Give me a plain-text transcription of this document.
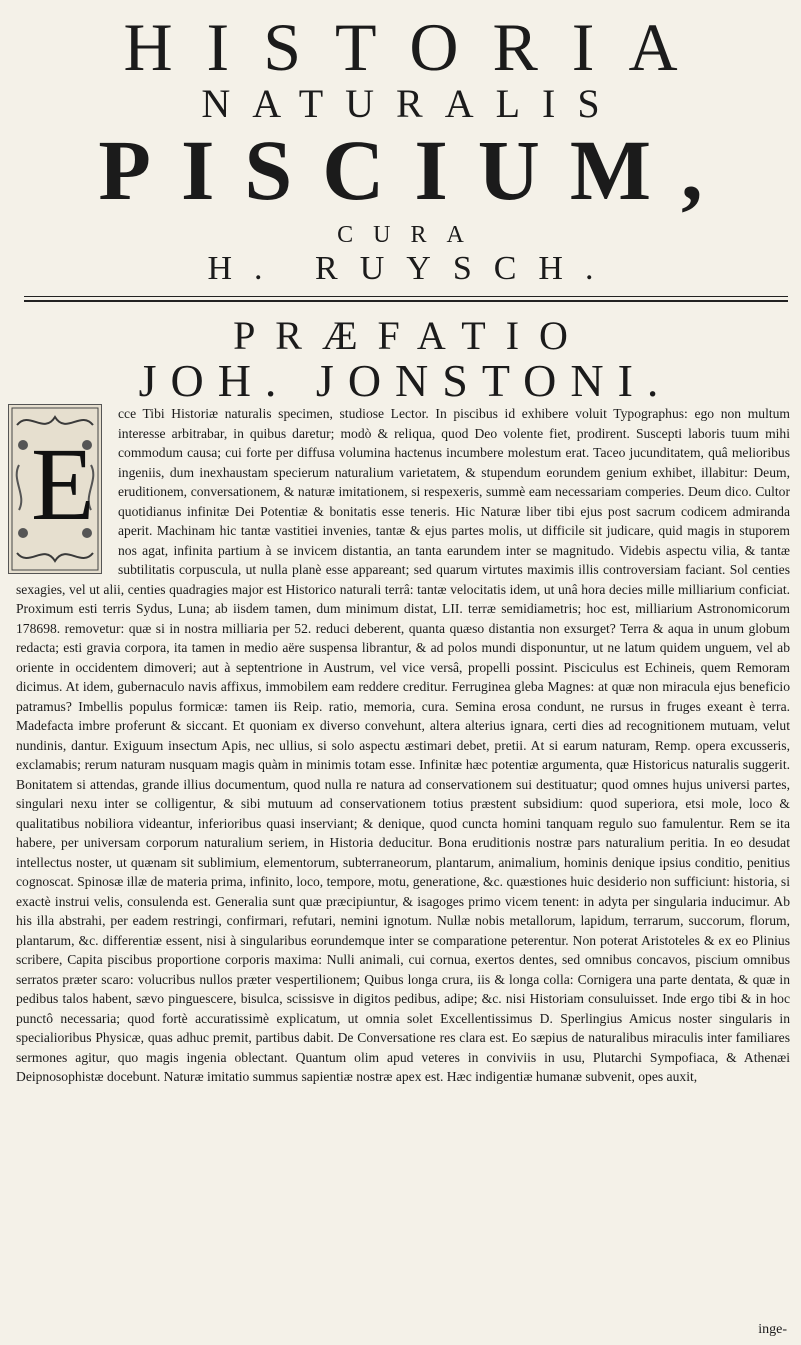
HISTORIA
NATURALIS
PISCIUM,
CURA
H. RUYSCH.
PRÆFATIO
JOH. JONSTONI.

cce Tibi Historiæ naturalis specimen, studiose Lector. In piscibus id exhibere voluit Typographus: ego non multum interesse arbitrabar, in quibus daretur; modò & reliqua, quod Deo volente fiet, prodirent. Suscepti laboris tuum mihi commodum causa; cui forte per diffusa volumina hactenus incumbere molestum erat. Taceo jucunditatem, quâ melioribus ingeniis, dum inexhaustam specierum naturalium varietatem, & stupendum eorundem genium exhibet, illabitur: Deum, eruditionem, conversationem, & naturæ imitationem, si respexeris, summè eam necessariam comperies. Deum dico. Cultor quotidianus infinitæ Dei Potentiæ & bonitatis esse teneris. Hic Naturæ liber tibi ejus post sacrum codicem admiranda aperit. Machinam hic tantæ vastitiei invenies, tantæ & ejus partes molis, ut difficile sit judicare, quid magis in stuporem nos agat, infinita partium à se invicem distantia, an tanta earundem inter se magnitudo. Videbis aspectu vilia, & tantæ subtilitatis corpuscula, ut nulla planè esse appareant; sed quarum virtutes maximis illis controversiam faciant. Sol centies sexagies, vel ut alii, centies quadragies major est Historico naturali terrâ: tantæ velocitatis idem, ut unâ hora decies mille milliarium conficiat. Proximum esti terris Sydus, Luna; ab iisdem tamen, dum minimum distat, LII. terræ semidiametris; hoc est, milliarium Astronomicorum 178698. removetur: quæ si in nostra milliaria per 52. reduci deberent, quanta quæso distantia non exsurget? Terra & aqua in unum globum redacta; esti gravia corpora, ita tamen in medio aëre suspensa librantur, & ad polos mundi disponuntur, ut ne latum quidem unguem, vel ab oriente in occidentem dimoveri; aut à septentrione in Austrum, vel vice versâ, propelli possint. Pisciculus est Echineis, quem Remoram dicimus. At idem, gubernaculo navis affixus, immobilem eam reddere creditur. Ferruginea gleba Magnes: at quæ non miracula ejus beneficio patramus? Imbellis populus formicæ: tamen iis Reip. ratio, memoria, cura. Semina erosa condunt, ne rursus in fruges exeant è terra. Madefacta imbre proferunt & siccant. Et quoniam ex diverso convehunt, altera alterius ignara, certi dies ad recognitionem mutuam, velut nundinis, dantur. Exiguum insectum Apis, nec ullius, si solo aspectu æstimari debet, pretii. At si earum naturam, Remp. opera excusseris, exclamabis; rerum naturam nusquam magis quàm in minimis totam esse. Infinitæ hæc potentiæ argumenta, quæ Historicus naturalis suggerit. Bonitatem si attendas, grande illius documentum, quod nulla re natura ad conservationem sui destituatur; quod omnes hujus universi partes, singulari nexu inter se colligentur, & sibi mutuum ad conservationem totius præstent subsidium: quod superiora, etsi mole, loco & qualitatibus nobiliora videantur, inferioribus quasi inserviant; & denique, quod cuncta homini tanquam regulo suo famulentur. Rem se ita habere, per universam corporum naturalium seriem, in Historia deducitur. Bona eruditionis nostræ pars naturalium peritia. In eo desudat intellectus noster, ut quænam sit sublimium, elementorum, subterraneorum, plantarum, animalium, hominis denique ipsius conditio, penitius cognoscat. Spinosæ illæ de materia prima, infinito, loco, tempore, motu, generatione, &c. quæstiones huic desiderio non sufficiunt: historia, si exactè instrui velis, consulenda est. Generalia sunt quæ præcipiuntur, & isagoges primo vicem tenent: in adyta per singularia inducimur. Ab his illa abstrahi, per eadem restringi, confirmari, refutari, nemini ignotum. Nullæ nobis metallorum, lapidum, terrarum, succorum, florum, plantarum, &c. differentiæ essent, nisi à singularibus eorundemque inter se comparatione peterentur. Non poterat Aristoteles & ex eo Plinius scribere, Capita piscibus proportione corporis maxima: Nulli animali, cui cornua, exertos dentes, sed omnibus concavos, piscium omnibus serratos præter scaro: volucribus nullos præter vespertilionem; Quibus longa crura, iis & longa colla: Cornigera una parte dentata, & quæ in pedibus talos habent, sævo pinguescere, bisulca, scissisve in digitos pedibus, adipe; &c. nisi Historiam consuluisset. Inde ergo tibi & in hoc punctô necessaria; quod fortè accuratissimè explicatum, ut omnia solet Excellentissimus D. Sperlingius Amicus noster singularis in specialioribus Physicæ, quas adhuc premit, partibus dabit. De Conversatione res clara est. Eo sæpius de naturalibus miraculis inter familiares sermones agitur, quo magis ingenia oblectant. Quantum olim apud veteres in conviviis in usu, Plutarchi Sympofiaca, & Athenæi Deipnosophistæ docebunt. Naturæ imitatio summus sapientiæ nostræ apex est. Hæc indigentiæ humanæ subvenit, opes auxit,

E
inge-
